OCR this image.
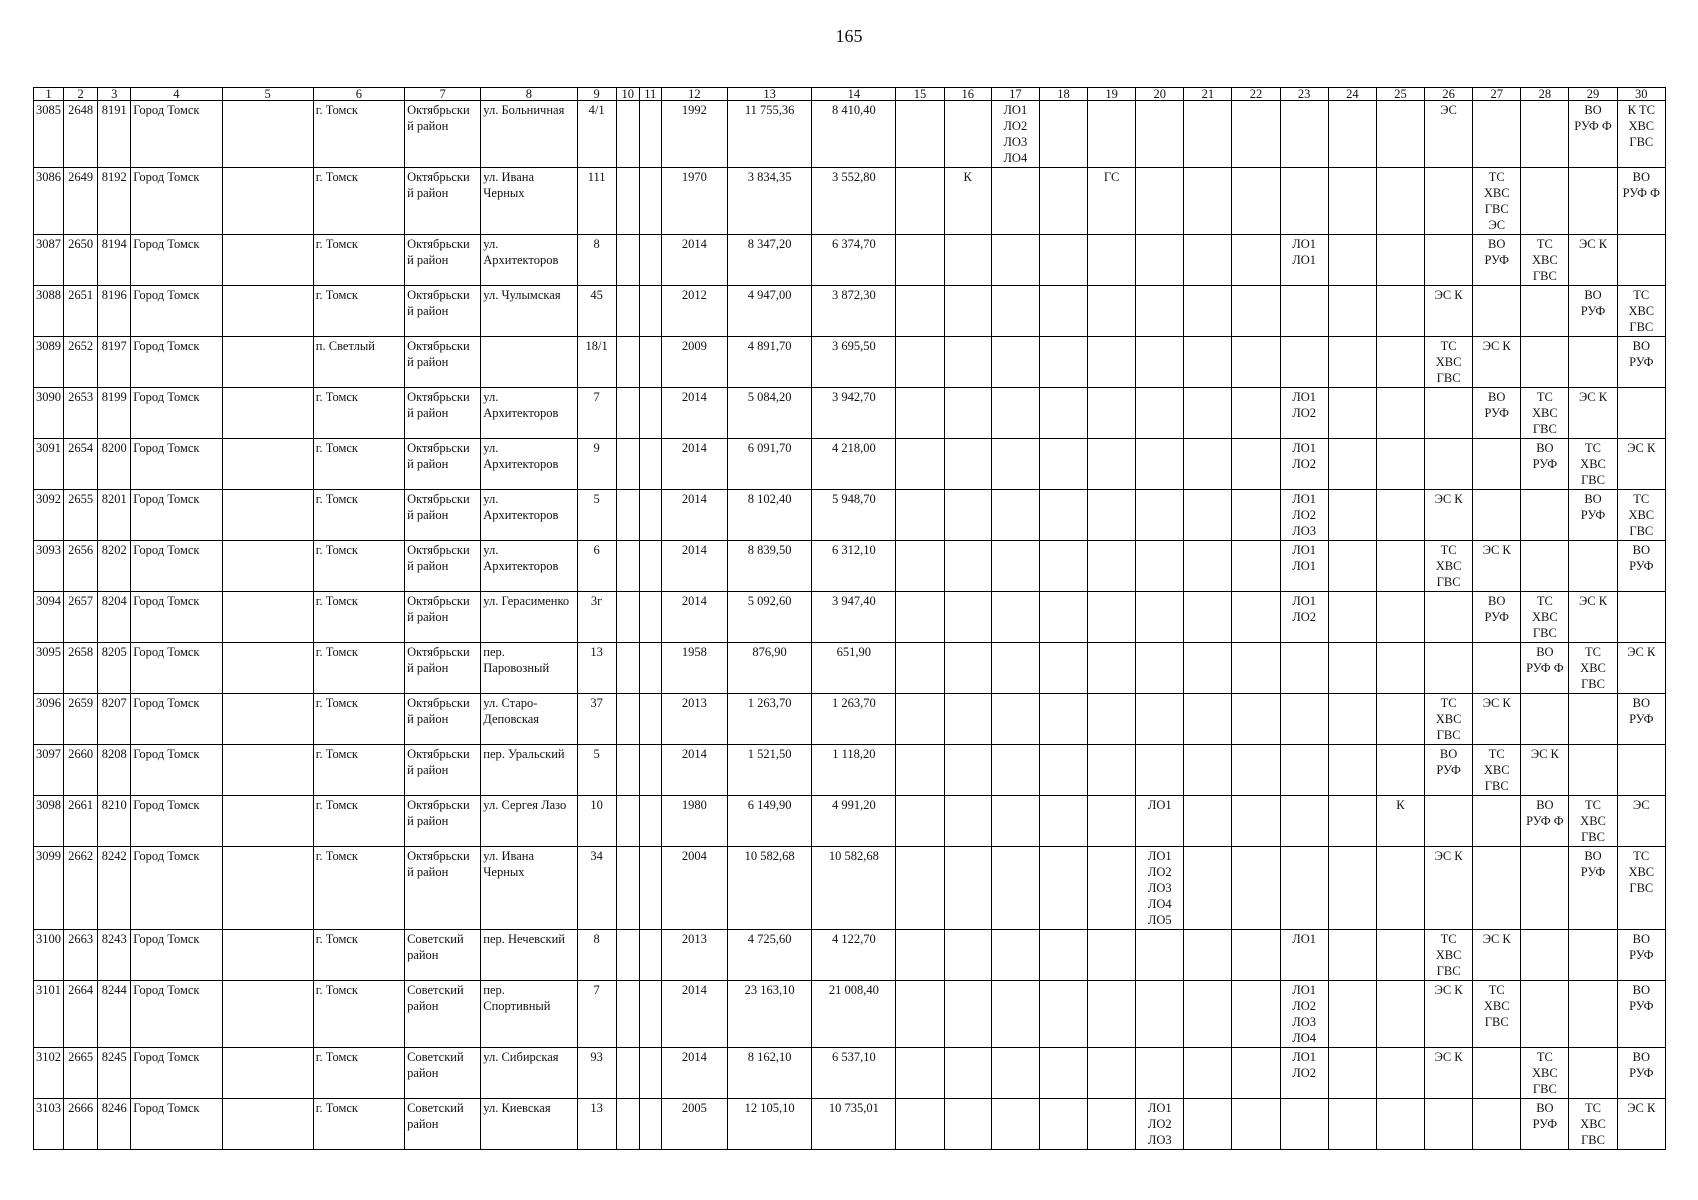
165
1	2	3	4	5	6	7	8	9	10	11	12	13	14	15	16	17	18	19	20	21	22	23	24	25	26	27	28	29	30
3085	2648	8191	Город Томск		г. Томск	Октябрьски
й район	ул. Больничная	4/1			1992	11 755,36	8 410,40			ЛО1
ЛО2
ЛО3
ЛО4									ЭС			ВО
РУФ Ф	К ТС
ХВС
ГВС
3086	2649	8192	Город Томск		г. Томск	Октябрьски
й район	ул. Ивана
Черных	111			1970	3 834,35	3 552,80		К			ГС								ТС
ХВС
ГВС
ЭС			ВО
РУФ Ф
3087	2650	8194	Город Томск		г. Томск	Октябрьски
й район	ул.
Архитекторов	8			2014	8 347,20	6 374,70									ЛО1
ЛО1				ВО
РУФ	ТС
ХВС
ГВС	ЭС К	
3088	2651	8196	Город Томск		г. Томск	Октябрьски
й район	ул. Чулымская	45			2012	4 947,00	3 872,30												ЭС К			ВО
РУФ	ТС
ХВС
ГВС
3089	2652	8197	Город Томск		п. Светлый	Октябрьски
й район		18/1			2009	4 891,70	3 695,50												ТС
ХВС
ГВС	ЭС К			ВО
РУФ
3090	2653	8199	Город Томск		г. Томск	Октябрьски
й район	ул.
Архитекторов	7			2014	5 084,20	3 942,70									ЛО1
ЛО2				ВО
РУФ	ТС
ХВС
ГВС	ЭС К	
3091	2654	8200	Город Томск		г. Томск	Октябрьски
й район	ул.
Архитекторов	9			2014	6 091,70	4 218,00									ЛО1
ЛО2					ВО
РУФ	ТС
ХВС
ГВС	ЭС К
3092	2655	8201	Город Томск		г. Томск	Октябрьски
й район	ул.
Архитекторов	5			2014	8 102,40	5 948,70									ЛО1
ЛО2
ЛО3			ЭС К			ВО
РУФ	ТС
ХВС
ГВС
3093	2656	8202	Город Томск		г. Томск	Октябрьски
й район	ул.
Архитекторов	6			2014	8 839,50	6 312,10									ЛО1
ЛО1			ТС
ХВС
ГВС	ЭС К			ВО
РУФ
3094	2657	8204	Город Томск		г. Томск	Октябрьски
й район	ул. Герасименко	3г			2014	5 092,60	3 947,40									ЛО1
ЛО2				ВО
РУФ	ТС
ХВС
ГВС	ЭС К	
3095	2658	8205	Город Томск		г. Томск	Октябрьски
й район	пер.
Паровозный	13			1958	876,90	651,90														ВО
РУФ Ф	ТС
ХВС
ГВС	ЭС К
3096	2659	8207	Город Томск		г. Томск	Октябрьски
й район	ул. Старо-
Деповская	37			2013	1 263,70	1 263,70												ТС
ХВС
ГВС	ЭС К			ВО
РУФ
3097	2660	8208	Город Томск		г. Томск	Октябрьски
й район	пер. Уральский	5			2014	1 521,50	1 118,20												ВО
РУФ	ТС
ХВС
ГВС	ЭС К		
3098	2661	8210	Город Томск		г. Томск	Октябрьски
й район	ул. Сергея Лазо	10			1980	6 149,90	4 991,20						ЛО1					К			ВО
РУФ Ф	ТС
ХВС
ГВС	ЭС
3099	2662	8242	Город Томск		г. Томск	Октябрьски
й район	ул. Ивана
Черных	34			2004	10 582,68	10 582,68						ЛО1
ЛО2
ЛО3
ЛО4
ЛО5						ЭС К			ВО
РУФ	ТС
ХВС
ГВС
3100	2663	8243	Город Томск		г. Томск	Советский
район	пер. Нечевский	8			2013	4 725,60	4 122,70									ЛО1			ТС
ХВС
ГВС	ЭС К			ВО
РУФ
3101	2664	8244	Город Томск		г. Томск	Советский
район	пер.
Спортивный	7			2014	23 163,10	21 008,40									ЛО1
ЛО2
ЛО3
ЛО4			ЭС К	ТС
ХВС
ГВС			ВО
РУФ
3102	2665	8245	Город Томск		г. Томск	Советский
район	ул. Сибирская	93			2014	8 162,10	6 537,10									ЛО1
ЛО2			ЭС К		ТС
ХВС
ГВС		ВО
РУФ
3103	2666	8246	Город Томск		г. Томск	Советский
район	ул. Киевская	13			2005	12 105,10	10 735,01						ЛО1
ЛО2
ЛО3								ВО
РУФ	ТС
ХВС
ГВС	ЭС К
